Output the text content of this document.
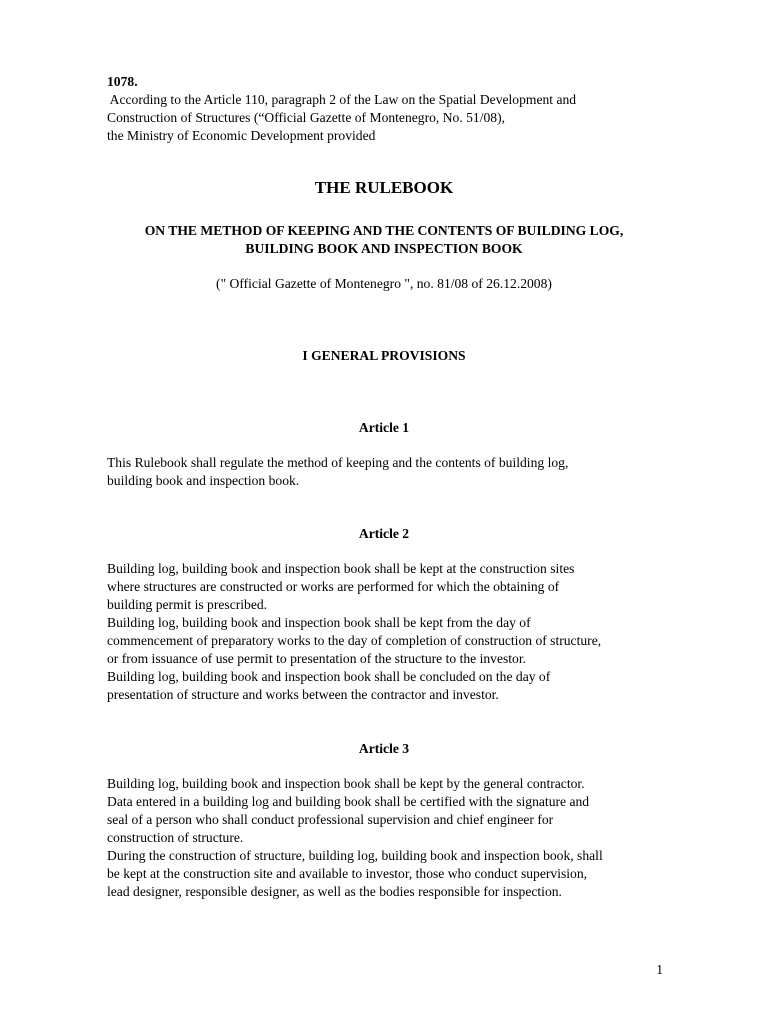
1078.
According to the Article 110, paragraph 2 of the Law on the Spatial Development and
Construction of Structures (“Official Gazette of Montenegro, No. 51/08),
the Ministry of Economic Development provided
THE RULEBOOK
ON THE METHOD OF KEEPING AND THE CONTENTS OF BUILDING LOG,
BUILDING BOOK AND INSPECTION BOOK
(" Official Gazette of Montenegro ", no. 81/08 of 26.12.2008)
I GENERAL PROVISIONS
Article 1
This Rulebook shall regulate the method of keeping and the contents of building log,
building book and inspection book.
Article 2
Building log, building book and inspection book shall be kept at the construction sites
where structures are constructed or works are performed for which the obtaining of
building permit is prescribed.
Building log, building book and inspection book shall be kept from the day of
commencement of preparatory works to the day of completion of construction of structure,
or from issuance of use permit to presentation of the structure to the investor.
Building log, building book and inspection book shall be concluded on the day of
presentation of structure and works between the contractor and investor.
Article 3
Building log, building book and inspection book shall be kept by the general contractor.
Data entered in a building log and building book shall be certified with the signature and
seal of a person who shall conduct professional supervision and chief engineer for
construction of structure.
During the construction of structure, building log, building book and inspection book, shall
be kept at the construction site and available to investor, those who conduct supervision,
lead designer, responsible designer, as well as the bodies responsible for inspection.
1
